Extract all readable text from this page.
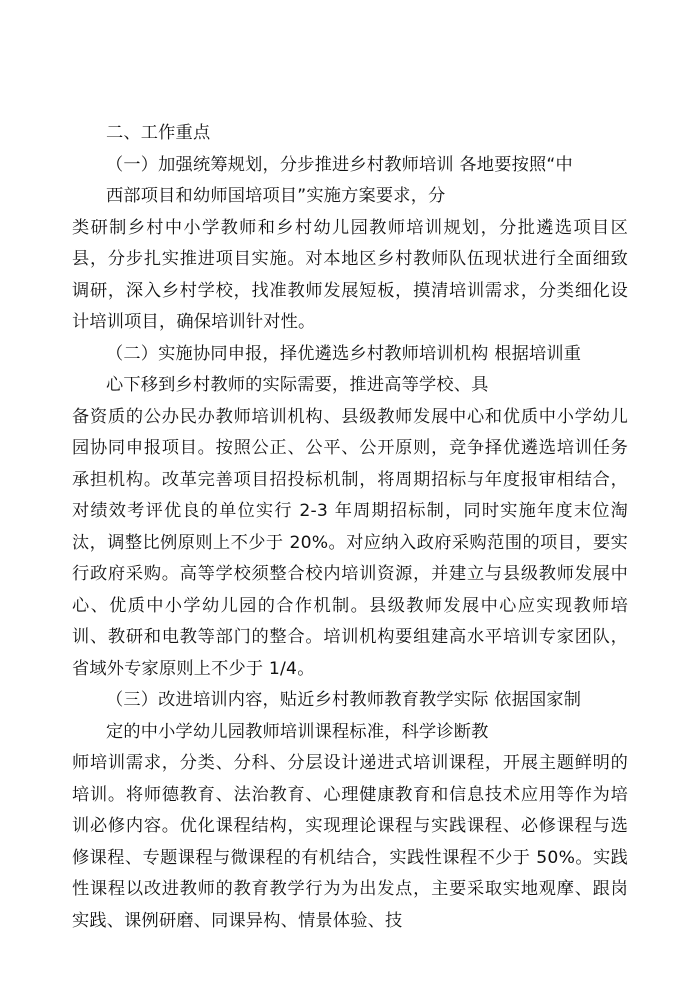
二、工作重点

（一）加强统筹规划，分步推进乡村教师培训 各地要按照“中

西部项目和幼师国培项目”实施方案要求，分

类研制乡村中小学教师和乡村幼儿园教师培训规划，分批遴选项目区县，分步扎实推进项目实施。对本地区乡村教师队伍现状进行全面细致调研，深入乡村学校，找准教师发展短板，摸清培训需求，分类细化设计培训项目，确保培训针对性。

（二）实施协同申报，择优遴选乡村教师培训机构 根据培训重

心下移到乡村教师的实际需要，推进高等学校、具

备资质的公办民办教师培训机构、县级教师发展中心和优质中小学幼儿园协同申报项目。按照公正、公平、公开原则，竞争择优遴选培训任务承担机构。改革完善项目招投标机制，将周期招标与年度报审相结合，对绩效考评优良的单位实行 2-3 年周期招标制，同时实施年度末位淘汰，调整比例原则上不少于 20%。对应纳入政府采购范围的项目，要实行政府采购。高等学校须整合校内培训资源，并建立与县级教师发展中心、优质中小学幼儿园的合作机制。县级教师发展中心应实现教师培训、教研和电教等部门的整合。培训机构要组建高水平培训专家团队，省域外专家原则上不少于 1/4。

（三）改进培训内容，贴近乡村教师教育教学实际 依据国家制

定的中小学幼儿园教师培训课程标准，科学诊断教

师培训需求，分类、分科、分层设计递进式培训课程，开展主题鲜明的培训。将师德教育、法治教育、心理健康教育和信息技术应用等作为培训必修内容。优化课程结构，实现理论课程与实践课程、必修课程与选修课程、专题课程与微课程的有机结合，实践性课程不少于 50%。实践性课程以改进教师的教育教学行为为出发点，主要采取实地观摩、跟岗实践、课例研磨、同课异构、情景体验、技
